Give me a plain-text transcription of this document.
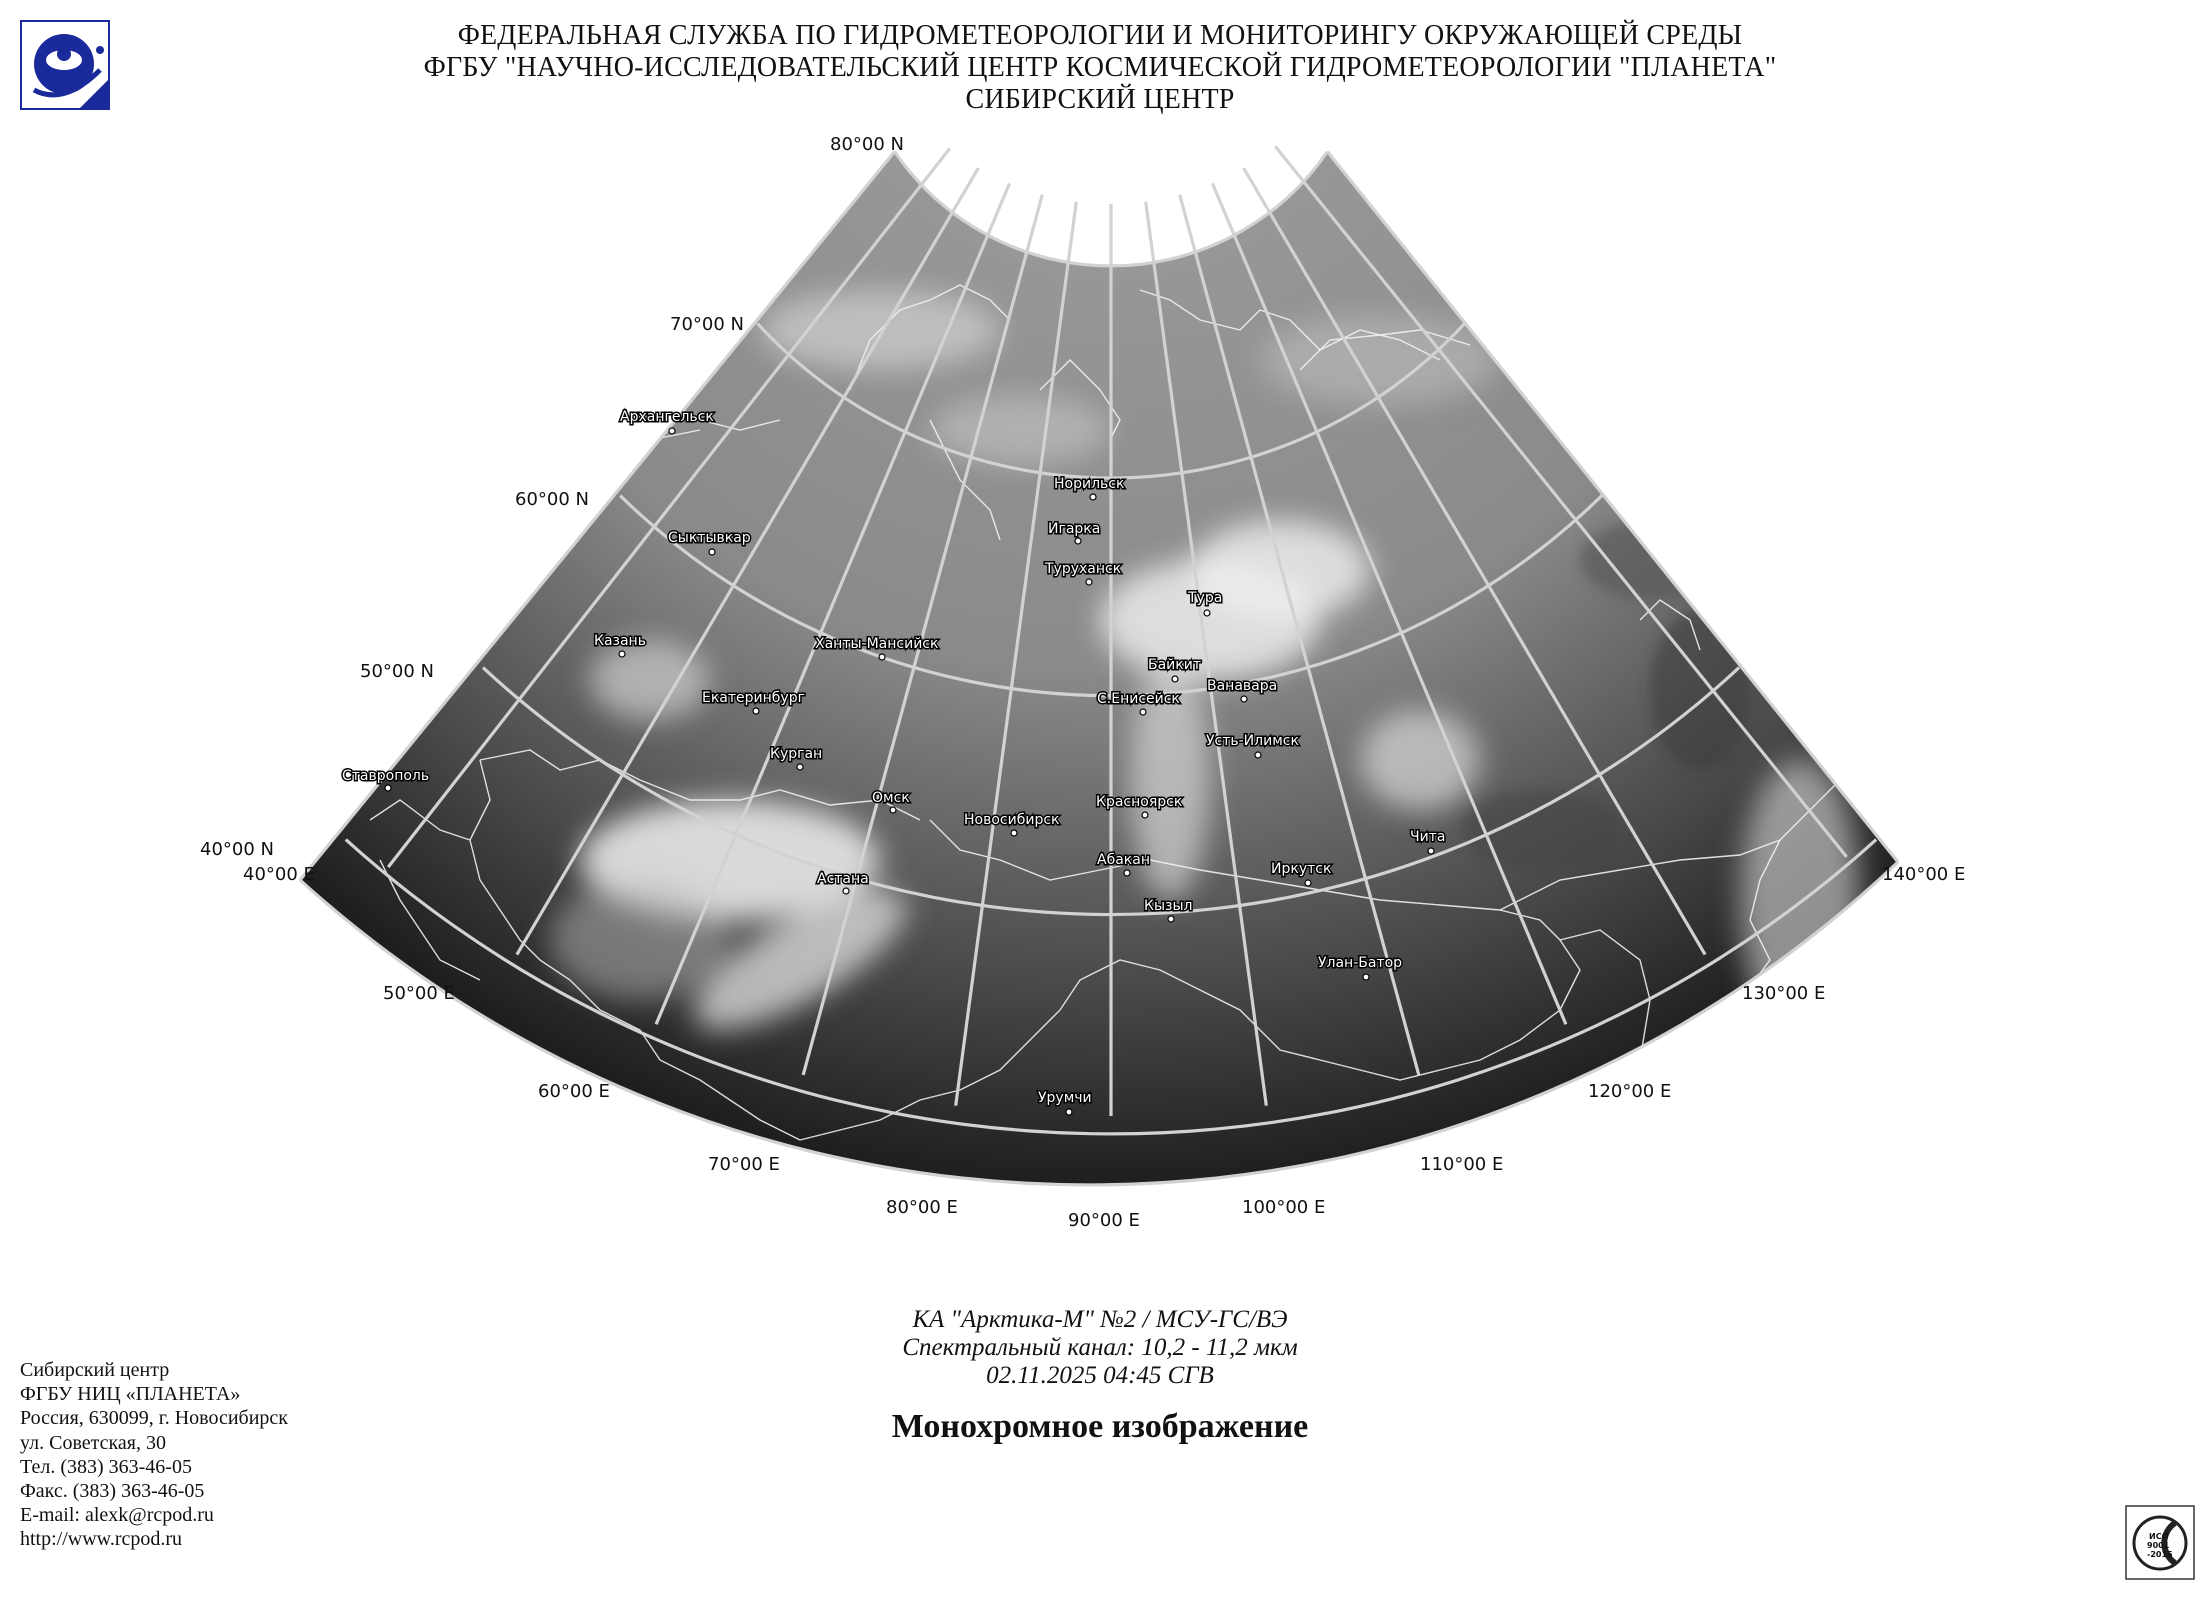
ФЕДЕРАЛЬНАЯ СЛУЖБА ПО ГИДРОМЕТЕОРОЛОГИИ И МОНИТОРИНГУ ОКРУЖАЮЩЕЙ СРЕДЫ
ФГБУ "НАУЧНО-ИССЛЕДОВАТЕЛЬСКИЙ ЦЕНТР КОСМИЧЕСКОЙ ГИДРОМЕТЕОРОЛОГИИ "ПЛАНЕТА"
СИБИРСКИЙ ЦЕНТР
80°00 N
70°00 N
60°00 N
50°00 N
40°00 N
40°00 E
50°00 E
60°00 E
70°00 E
80°00 E
90°00 E
100°00 E
110°00 E
120°00 E
130°00 E
140°00 E
Архангельск
Сыктывкар
Казань
Ставрополь
Екатеринбург
Ханты-Мансийск
Курган
Омск
Астана
Новосибирск
Норильск
Игарка
Туруханск
Тура
Байкит
С.Енисейск
Ванавара
Усть-Илимск
Красноярск
Абакан
Кызыл
Иркутск
Чита
Улан-Батор
Урумчи
КА "Арктика-М" №2 / МСУ-ГС/ВЭ
Спектральный канал: 10,2 - 11,2 мкм
02.11.2025 04:45 СГВ
Монохромное изображение
Сибирский центр
ФГБУ НИЦ «ПЛАНЕТА»
Россия, 630099, г. Новосибирск
ул. Советская, 30
Тел. (383) 363-46-05
Факс. (383) 363-46-05
E-mail: alexk@rcpod.ru
http://www.rcpod.ru	ИСО
9001
-2015
